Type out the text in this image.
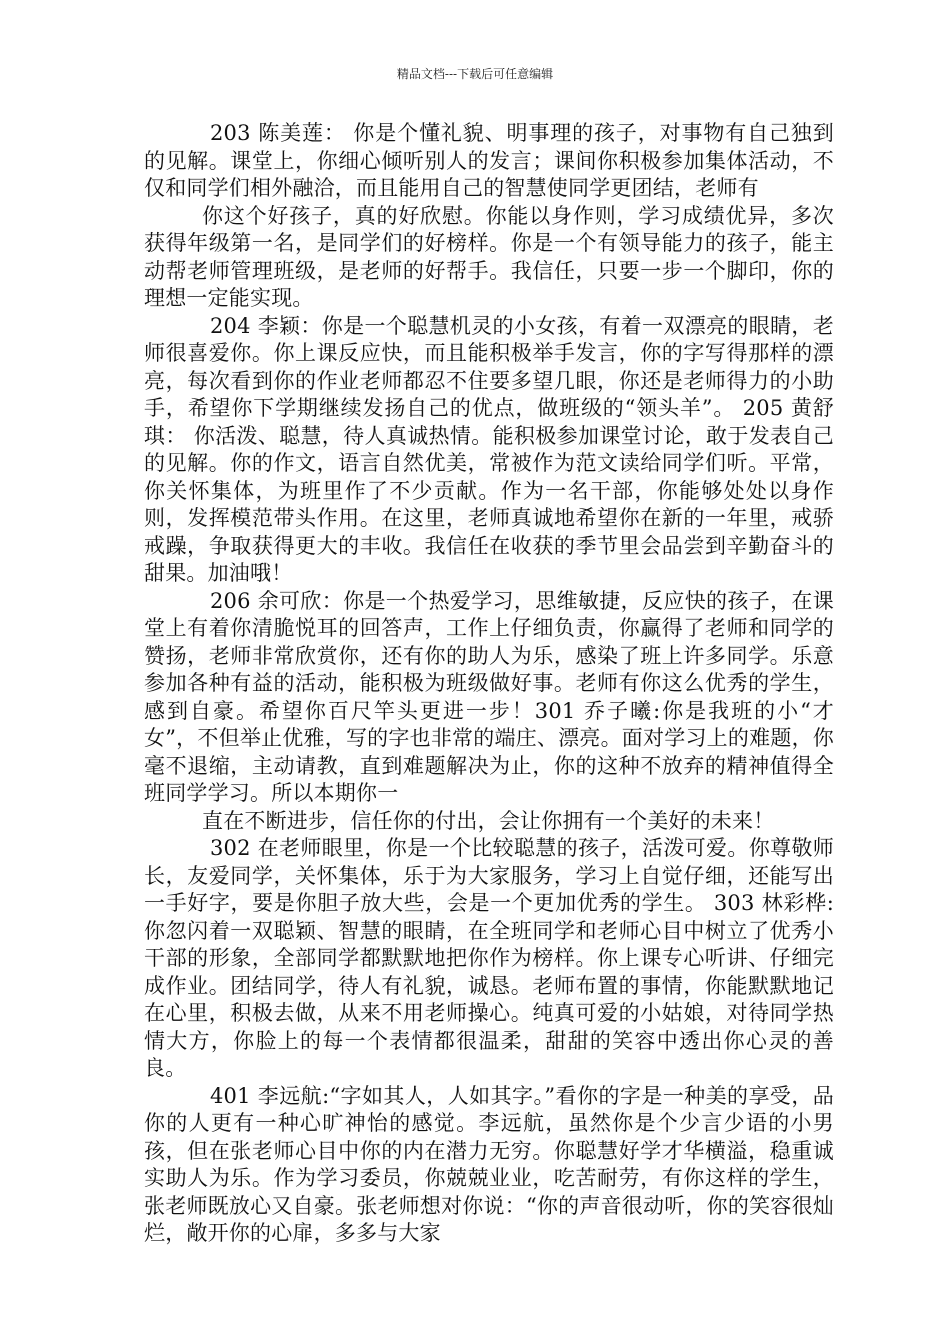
精品文档---下载后可任意编辑

203 陈美莲： 你是个懂礼貌、明事理的孩子，对事物有自己独到的见解。课堂上，你细心倾听别人的发言；课间你积极参加集体活动，不仅和同学们相外融洽，而且能用自己的智慧使同学更团结，老师有

你这个好孩子，真的好欣慰。你能以身作则，学习成绩优异，多次获得年级第一名，是同学们的好榜样。你是一个有领导能力的孩子，能主动帮老师管理班级，是老师的好帮手。我信任，只要一步一个脚印，你的理想一定能实现。

204 李颖：你是一个聪慧机灵的小女孩，有着一双漂亮的眼睛，老师很喜爱你。你上课反应快，而且能积极举手发言，你的字写得那样的漂亮，每次看到你的作业老师都忍不住要多望几眼，你还是老师得力的小助手，希望你下学期继续发扬自己的优点，做班级的“领头羊”。 205 黄舒琪： 你活泼、聪慧，待人真诚热情。能积极参加课堂讨论，敢于发表自己的见解。你的作文，语言自然优美，常被作为范文读给同学们听。平常，你关怀集体，为班里作了不少贡献。作为一名干部，你能够处处以身作则，发挥模范带头作用。在这里，老师真诚地希望你在新的一年里，戒骄戒躁，争取获得更大的丰收。我信任在收获的季节里会品尝到辛勤奋斗的甜果。加油哦！

206 余可欣：你是一个热爱学习，思维敏捷，反应快的孩子，在课堂上有着你清脆悦耳的回答声，工作上仔细负责，你赢得了老师和同学的赞扬，老师非常欣赏你，还有你的助人为乐，感染了班上许多同学。乐意参加各种有益的活动，能积极为班级做好事。老师有你这么优秀的学生，感到自豪。希望你百尺竿头更进一步！301 乔子曦:你是我班的小“才女”，不但举止优雅，写的字也非常的端庄、漂亮。面对学习上的难题，你毫不退缩，主动请教，直到难题解决为止，你的这种不放弃的精神值得全班同学学习。所以本期你一

直在不断进步，信任你的付出，会让你拥有一个美好的未来！

302 在老师眼里，你是一个比较聪慧的孩子，活泼可爱。你尊敬师长，友爱同学，关怀集体，乐于为大家服务，学习上自觉仔细，还能写出一手好字，要是你胆子放大些，会是一个更加优秀的学生。 303 林彩桦:你忽闪着一双聪颖、智慧的眼睛，在全班同学和老师心目中树立了优秀小干部的形象，全部同学都默默地把你作为榜样。你上课专心听讲、仔细完成作业。团结同学，待人有礼貌，诚恳。老师布置的事情，你能默默地记在心里，积极去做，从来不用老师操心。纯真可爱的小姑娘，对待同学热情大方，你脸上的每一个表情都很温柔，甜甜的笑容中透出你心灵的善良。

401 李远航:“字如其人，人如其字。”看你的字是一种美的享受，品你的人更有一种心旷神怡的感觉。李远航，虽然你是个少言少语的小男孩，但在张老师心目中你的内在潜力无穷。你聪慧好学才华横溢，稳重诚实助人为乐。作为学习委员，你兢兢业业，吃苦耐劳，有你这样的学生，张老师既放心又自豪。张老师想对你说：“你的声音很动听，你的笑容很灿烂，敞开你的心扉，多多与大家
